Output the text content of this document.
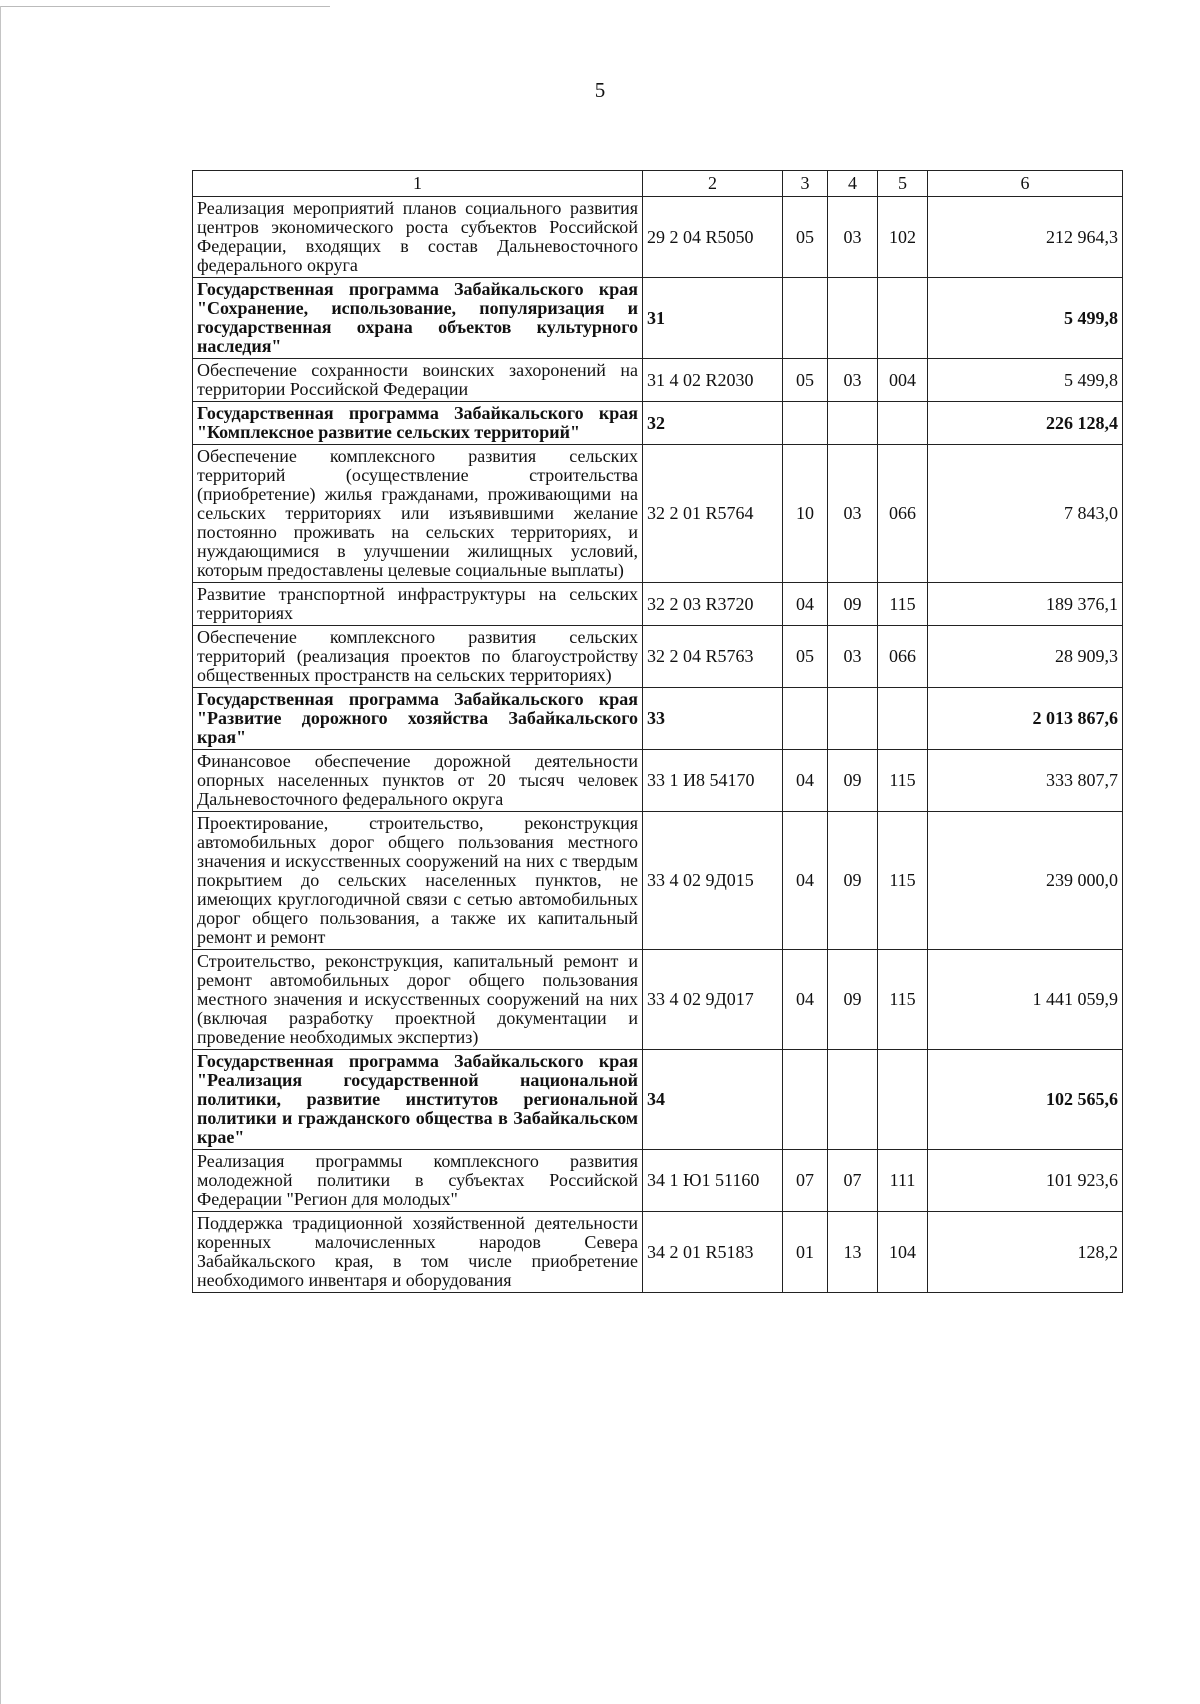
5
1	2	3	4	5	6
Реализация мероприятий планов социального развития центров экономического роста субъектов Российской Федерации, входящих в состав Дальневосточного федерального округа	29 2 04 R5050	05	03	102	212 964,3
Государственная программа Забайкальского края "Сохранение, использование, популяризация и государственная охрана объектов культурного наследия"	31				5 499,8
Обеспечение сохранности воинских захоронений на территории Российской Федерации	31 4 02 R2030	05	03	004	5 499,8
Государственная программа Забайкальского края "Комплексное развитие сельских территорий"	32				226 128,4
Обеспечение комплексного развития сельских территорий (осуществление строительства (приобретение) жилья гражданами, проживающими на сельских территориях или изъявившими желание постоянно проживать на сельских территориях, и нуждающимися в улучшении жилищных условий, которым предоставлены целевые социальные выплаты)	32 2 01 R5764	10	03	066	7 843,0
Развитие транспортной инфраструктуры на сельских территориях	32 2 03 R3720	04	09	115	189 376,1
Обеспечение комплексного развития сельских территорий (реализация проектов по благоустройству общественных пространств на сельских территориях)	32 2 04 R5763	05	03	066	28 909,3
Государственная программа Забайкальского края "Развитие дорожного хозяйства Забайкальского края"	33				2 013 867,6
Финансовое обеспечение дорожной деятельности опорных населенных пунктов от 20 тысяч человек Дальневосточного федерального округа	33 1 И8 54170	04	09	115	333 807,7
Проектирование, строительство, реконструкция автомобильных дорог общего пользования местного значения и искусственных сооружений на них с твердым покрытием до сельских населенных пунктов, не имеющих круглогодичной связи с сетью автомобильных дорог общего пользования, а также их капитальный ремонт и ремонт	33 4 02 9Д015	04	09	115	239 000,0
Строительство, реконструкция, капитальный ремонт и ремонт автомобильных дорог общего пользования местного значения и искусственных сооружений на них (включая разработку проектной документации и проведение необходимых экспертиз)	33 4 02 9Д017	04	09	115	1 441 059,9
Государственная программа Забайкальского края "Реализация государственной национальной политики, развитие институтов региональной политики и гражданского общества в Забайкальском крае"	34				102 565,6
Реализация программы комплексного развития молодежной политики в субъектах Российской Федерации "Регион для молодых"	34 1 Ю1 51160	07	07	111	101 923,6
Поддержка традиционной хозяйственной деятельности коренных малочисленных народов Севера Забайкальского края, в том числе приобретение необходимого инвентаря и оборудования	34 2 01 R5183	01	13	104	128,2
